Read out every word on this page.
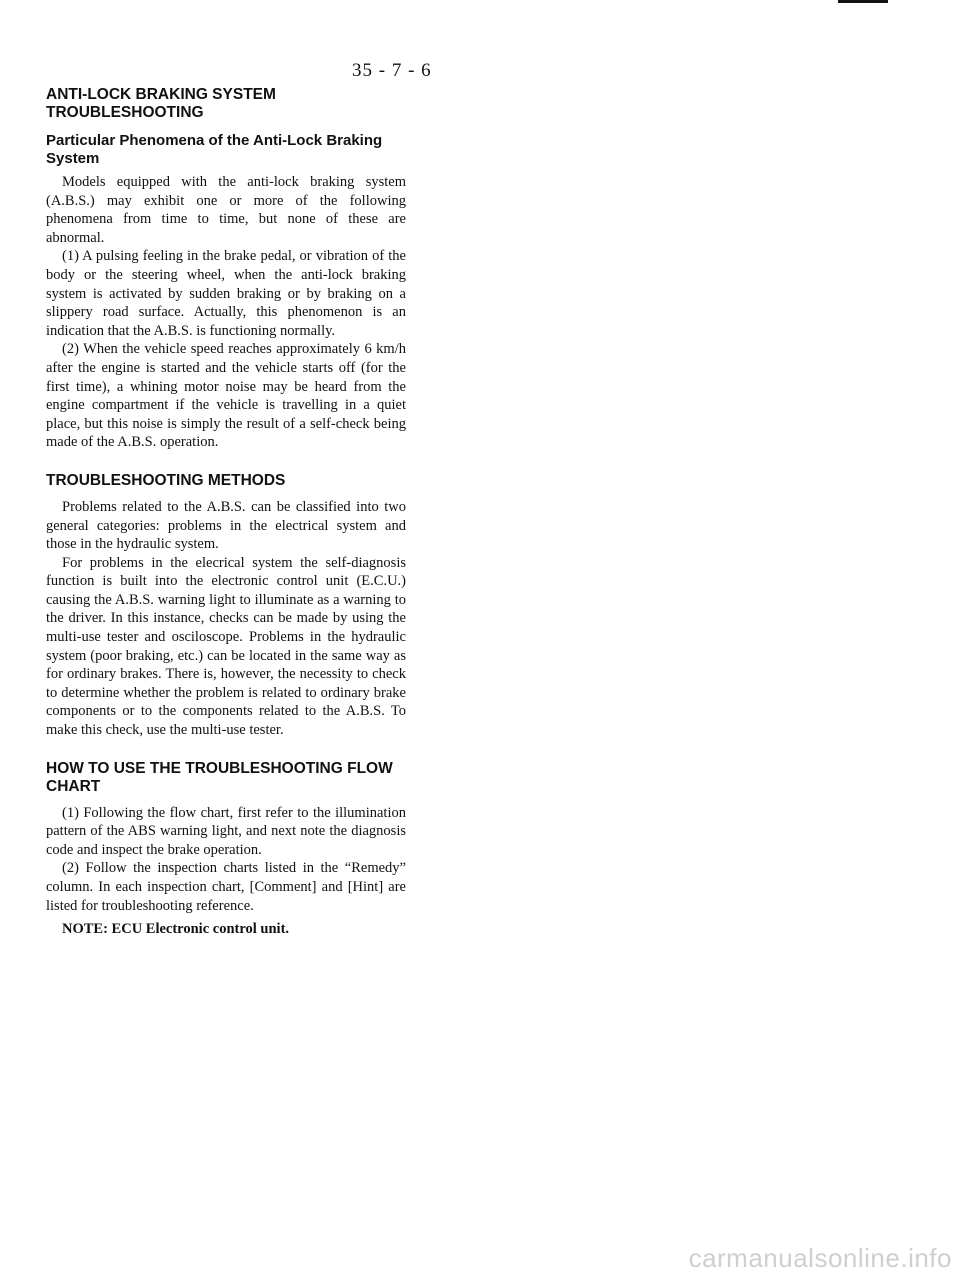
35 - 7 - 6
ANTI-LOCK BRAKING SYSTEM TROUBLESHOOTING
Particular Phenomena of the Anti-Lock Braking System

Models equipped with the anti-lock braking system (A.B.S.) may exhibit one or more of the following phenomena from time to time, but none of these are abnormal.

(1) A pulsing feeling in the brake pedal, or vibration of the body or the steering wheel, when the anti-lock braking system is activated by sudden braking or by braking on a slippery road surface. Actually, this phenomenon is an indication that the A.B.S. is functioning normally.

(2) When the vehicle speed reaches approximately 6 km/h after the engine is started and the vehicle starts off (for the first time), a whining motor noise may be heard from the engine compartment if the vehicle is travelling in a quiet place, but this noise is simply the result of a self-check being made of the A.B.S. operation.

TROUBLESHOOTING METHODS

Problems related to the A.B.S. can be classified into two general categories: problems in the electrical system and those in the hydraulic system.

For problems in the elecrical system the self-diagnosis function is built into the electronic control unit (E.C.U.) causing the A.B.S. warning light to illuminate as a warning to the driver. In this instance, checks can be made by using the multi-use tester and osciloscope. Problems in the hydraulic system (poor braking, etc.) can be located in the same way as for ordinary brakes. There is, however, the necessity to check to determine whether the problem is related to ordinary brake components or to the components related to the A.B.S. To make this check, use the multi-use tester.

HOW TO USE THE TROUBLESHOOTING FLOW CHART

(1) Following the flow chart, first refer to the illumination pattern of the ABS warning light, and next note the diagnosis code and inspect the brake operation.

(2) Follow the inspection charts listed in the “Remedy” column. In each inspection chart, [Comment] and [Hint] are listed for troubleshooting reference.

NOTE: ECU Electronic control unit.

carmanualsonline.info
